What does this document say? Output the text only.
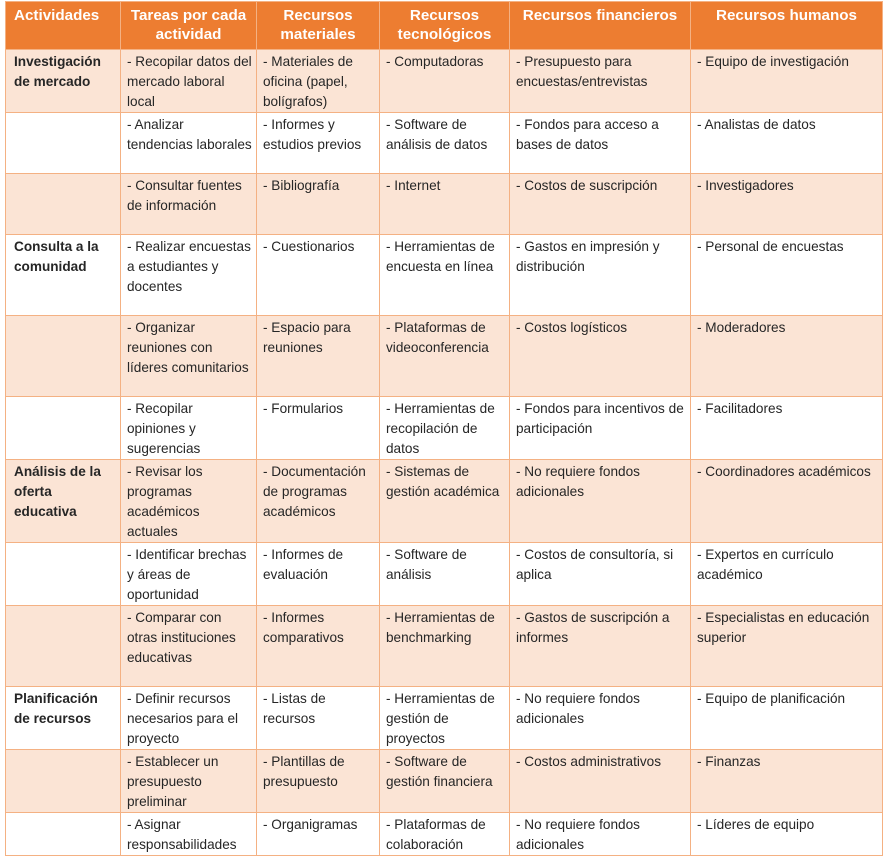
Actividades	Tareas por cada actividad	Recursos materiales	Recursos tecnológicos	Recursos financieros	Recursos humanos
Investigación de mercado	- Recopilar datos del mercado laboral local	- Materiales de oficina (papel, bolígrafos)	- Computadoras	- Presupuesto para encuestas/entrevistas	- Equipo de investigación
	- Analizar tendencias laborales	- Informes y estudios previos	- Software de análisis de datos	- Fondos para acceso a bases de datos	- Analistas de datos
	- Consultar fuentes de información	- Bibliografía	- Internet	- Costos de suscripción	- Investigadores
Consulta a la comunidad	- Realizar encuestas a estudiantes y docentes	- Cuestionarios	- Herramientas de encuesta en línea	- Gastos en impresión y distribución	- Personal de encuestas
	- Organizar reuniones con líderes comunitarios	- Espacio para reuniones	- Plataformas de videoconferencia	- Costos logísticos	- Moderadores
	- Recopilar opiniones y sugerencias	- Formularios	- Herramientas de recopilación de datos	- Fondos para incentivos de participación	- Facilitadores
Análisis de la oferta educativa	- Revisar los programas académicos actuales	- Documentación de programas académicos	- Sistemas de gestión académica	- No requiere fondos adicionales	- Coordinadores académicos
	- Identificar brechas y áreas de oportunidad	- Informes de evaluación	- Software de análisis	- Costos de consultoría, si aplica	- Expertos en currículo académico
	- Comparar con otras instituciones educativas	- Informes comparativos	- Herramientas de benchmarking	- Gastos de suscripción a informes	- Especialistas en educación superior
Planificación de recursos	- Definir recursos necesarios para el proyecto	- Listas de recursos	- Herramientas de gestión de proyectos	- No requiere fondos adicionales	- Equipo de planificación
	- Establecer un presupuesto preliminar	- Plantillas de presupuesto	- Software de gestión financiera	- Costos administrativos	- Finanzas
	- Asignar responsabilidades	- Organigramas	- Plataformas de colaboración	- No requiere fondos adicionales	- Líderes de equipo
